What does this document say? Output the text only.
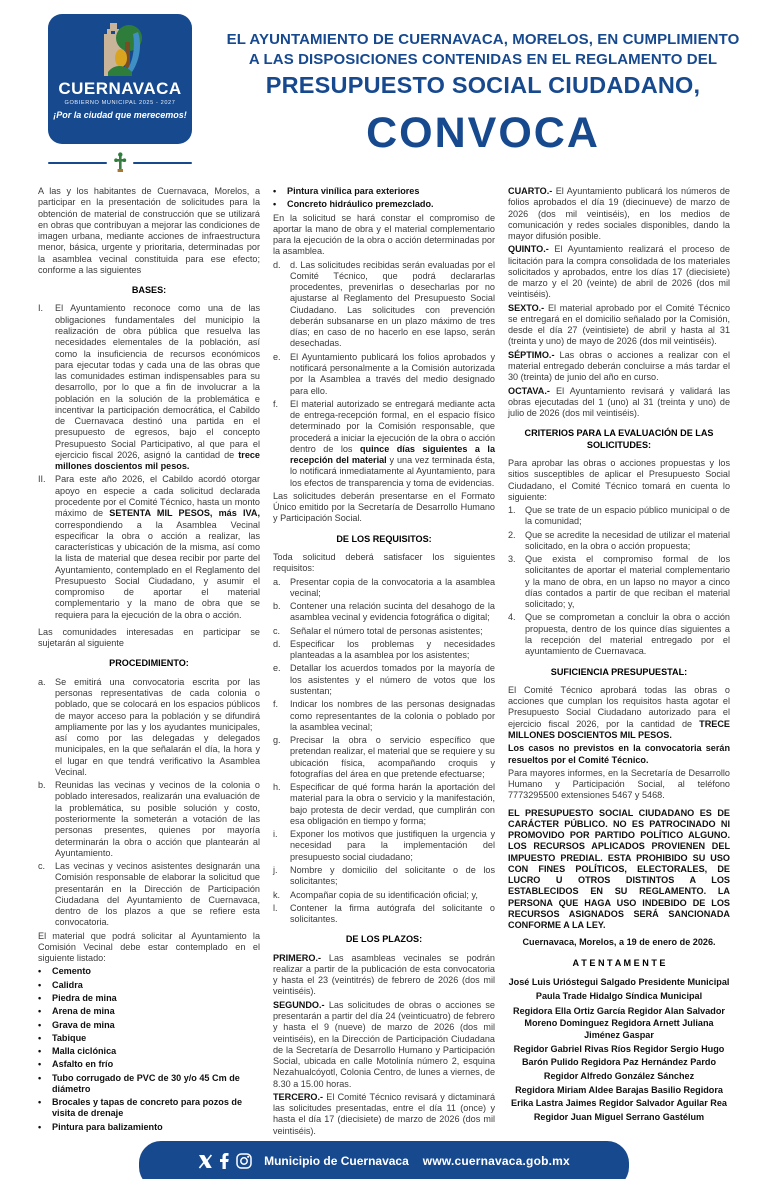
CUERNAVACA
GOBIERNO MUNICIPAL 2025 - 2027
¡Por la ciudad que merecemos!
EL AYUNTAMIENTO DE CUERNAVACA, MORELOS, EN CUMPLIMIENTO
A LAS DISPOSICIONES CONTENIDAS EN EL REGLAMENTO DEL
PRESUPUESTO SOCIAL CIUDADANO,
CONVOCA
A las y los habitantes de Cuernavaca, Morelos, a participar en la presentación de solicitudes para la obtención de material de construcción que se utilizará en obras que contribuyan a mejorar las condiciones de imagen urbana, mediante acciones de infraestructura menor, básica, urgente y prioritaria, determinadas por la asamblea vecinal constituida para ese efecto; conforme a las siguientes
BASES:
I.	El Ayuntamiento reconoce como una de las obligaciones fundamentales del municipio la realización de obra pública que resuelva las necesidades elementales de la población, así como la insuficiencia de recursos económicos para ejecutar todas y cada una de las obras que las comunidades estiman indispensables para su desarrollo, por lo que a fin de involucrar a la población en la solución de la problemática e incentivar la participación democrática, el Cabildo de Cuernavaca destinó una partida en el presupuesto de egresos, bajo el concepto Presupuesto Social Participativo, al que para el ejercicio fiscal 2026, asignó la cantidad de trece millones doscientos mil pesos.
II.	Para este año 2026, el Cabildo acordó otorgar apoyo en especie a cada solicitud declarada procedente por el Comité Técnico, hasta un monto máximo de SETENTA MIL PESOS, más IVA, correspondiendo a la Asamblea Vecinal especificar la obra o acción a realizar, las características y ubicación de la misma, así como la lista de material que desea recibir por parte del Ayuntamiento, contemplado en el Reglamento del Presupuesto Social Ciudadano, y asumir el compromiso de aportar el material complementario y la mano de obra que se requiera para la ejecución de la obra o acción.
Las comunidades interesadas en participar se sujetarán al siguiente
PROCEDIMIENTO:
a.	Se emitirá una convocatoria escrita por las personas representativas de cada colonia o poblado, que se colocará en los espacios públicos de mayor acceso para la población y se difundirá ampliamente por las y los ayudantes municipales, así como por las delegadas y delegados municipales, en la que señalarán el día, la hora y el lugar en que tendrá verificativo la Asamblea Vecinal.
b.	Reunidas las vecinas y vecinos de la colonia o poblado interesados, realizarán una evaluación de la problemática, su posible solución y costo, posteriormente la someterán a votación de las personas presentes, quienes por mayoría determinarán la obra o acción que plantearán al Ayuntamiento.
c.	Las vecinas y vecinos asistentes designarán una Comisión responsable de elaborar la solicitud que presentarán en la Dirección de Participación Ciudadana del Ayuntamiento de Cuernavaca, dentro de los plazos a que se refiere esta convocatoria.
El material que podrá solicitar al Ayuntamiento la Comisión Vecinal debe estar contemplado en el siguiente listado:
•	Cemento
•	Calidra
•	Piedra de mina
•	Arena de mina
•	Grava de mina
•	Tabique
•	Malla ciclónica
•	Asfalto en frío
•	Tubo corrugado de PVC de 30 y/o 45 Cm de diámetro
•	Brocales y tapas de concreto para pozos de visita de drenaje
•	Pintura para balizamiento
•	Pintura vinílica para exteriores
•	Concreto hidráulico premezclado.
En la solicitud se hará constar el compromiso de aportar la mano de obra y el material complementario para la ejecución de la obra o acción determinadas por la asamblea.
d.	d. Las solicitudes recibidas serán evaluadas por el Comité Técnico, que podrá declararlas procedentes, prevenirlas o desecharlas por no ajustarse al Reglamento del Presupuesto Social Ciudadano. Las solicitudes con prevención deberán subsanarse en un plazo máximo de tres días; en caso de no hacerlo en ese lapso, serán desechadas.
e.	El Ayuntamiento publicará los folios aprobados y notificará personalmente a la Comisión autorizada por la Asamblea a través del medio designado para ello.
f.	El material autorizado se entregará mediante acta de entrega-recepción formal, en el espacio físico determinado por la Comisión responsable, que procederá a iniciar la ejecución de la obra o acción dentro de los quince días siguientes a la recepción del material y una vez terminada ésta, lo notificará inmediatamente al Ayuntamiento, para los efectos de transparencia y toma de evidencias.
Las solicitudes deberán presentarse en el Formato Único emitido por la Secretaría de Desarrollo Humano y Participación Social.
DE LOS REQUISITOS:
Toda solicitud deberá satisfacer los siguientes requisitos:
a.	Presentar copia de la convocatoria a la asamblea vecinal;
b.	Contener una relación sucinta del desahogo de la asamblea vecinal y evidencia fotográfica o digital;
c.	Señalar el número total de personas asistentes;
d.	Especificar los problemas y necesidades planteadas a la asamblea por los asistentes;
e.	Detallar los acuerdos tomados por la mayoría de los asistentes y el número de votos que los sustentan;
f.	Indicar los nombres de las personas designadas como representantes de la colonia o poblado por la asamblea vecinal;
g.	Precisar la obra o servicio específico que pretendan realizar, el material que se requiere y su ubicación física, acompañando croquis y fotografías del área en que pretende efectuarse;
h.	Especificar de qué forma harán la aportación del material para la obra o servicio y la manifestación, bajo protesta de decir verdad, que cumplirán con esa obligación en tiempo y forma;
i.	Exponer los motivos que justifiquen la urgencia y necesidad para la implementación del presupuesto social ciudadano;
j.	Nombre y domicilio del solicitante o de los solicitantes;
k.	Acompañar copia de su identificación oficial; y,
l.	Contener la firma autógrafa del solicitante o solicitantes.
DE LOS PLAZOS:
PRIMERO.- Las asambleas vecinales se podrán realizar a partir de la publicación de esta convocatoria y hasta el 23 (veintitrés) de febrero de 2026 (dos mil veintiséis).
SEGUNDO.- Las solicitudes de obras o acciones se presentarán a partir del día 24 (veinticuatro) de febrero y hasta el 9 (nueve) de marzo de 2026 (dos mil veintiséis), en la Dirección de Participación Ciudadana de la Secretaría de Desarrollo Humano y Participación Social, ubicada en calle Motolinía número 2, esquina Nezahualcóyotl, Colonia Centro, de lunes a viernes, de 8.30 a 15.00 horas.
TERCERO.- El Comité Técnico revisará y dictaminará las solicitudes presentadas, entre el día 11 (once) y hasta el día 17 (diecisiete) de marzo de 2026 (dos mil veintiséis).
CUARTO.- El Ayuntamiento publicará los números de folios aprobados el día 19 (diecinueve) de marzo de 2026 (dos mil veintiséis), en los medios de comunicación y redes sociales disponibles, dando la mayor difusión posible.
QUINTO.- El Ayuntamiento realizará el proceso de licitación para la compra consolidada de los materiales solicitados y aprobados, entre los días 17 (diecisiete) de marzo y el 20 (veinte) de abril de 2026 (dos mil veintiséis).
SEXTO.- El material aprobado por el Comité Técnico se entregará en el domicilio señalado por la Comisión, desde el día 27 (veintisiete) de abril y hasta al 31 (treinta y uno) de mayo de 2026 (dos mil veintiséis).
SÉPTIMO.- Las obras o acciones a realizar con el material entregado deberán concluirse a más tardar el 30 (treinta) de junio del año en curso.
OCTAVA.- El Ayuntamiento revisará y validará las obras ejecutadas del 1 (uno) al 31 (treinta y uno) de julio de 2026 (dos mil veintiséis).
CRITERIOS PARA LA EVALUACIÓN DE LAS SOLICITUDES:
Para aprobar las obras o acciones propuestas y los sitios susceptibles de aplicar el Presupuesto Social Ciudadano, el Comité Técnico tomará en cuenta lo siguiente:
1.	Que se trate de un espacio público municipal o de la comunidad;
2.	Que se acredite la necesidad de utilizar el material solicitado, en la obra o acción propuesta;
3.	Que exista el compromiso formal de los solicitantes de aportar el material complementario y la mano de obra, en un lapso no mayor a cinco días contados a partir de que reciban el material solicitado; y,
4.	Que se comprometan a concluir la obra o acción propuesta, dentro de los quince días siguientes a la recepción del material entregado por el ayuntamiento de Cuernavaca.
SUFICIENCIA PRESUPUESTAL:
El Comité Técnico aprobará todas las obras o acciones que cumplan los requisitos hasta agotar el Presupuesto Social Ciudadano autorizado para el ejercicio fiscal 2026, por la cantidad de TRECE MILLONES DOSCIENTOS MIL PESOS.
Los casos no previstos en la convocatoria serán resueltos por el Comité Técnico.
Para mayores informes, en la Secretaría de Desarrollo Humano y Participación Social, al teléfono 7773295500 extensiones 5467 y 5468.
EL PRESUPUESTO SOCIAL CIUDADANO ES DE CARÁCTER PÚBLICO. NO ES PATROCINADO NI PROMOVIDO POR PARTIDO POLÍTICO ALGUNO. LOS RECURSOS APLICADOS PROVIENEN DEL IMPUESTO PREDIAL. ESTA PROHIBIDO SU USO CON FINES POLÍTICOS, ELECTORALES, DE LUCRO U OTROS DISTINTOS A LOS ESTABLECIDOS EN SU REGLAMENTO. LA PERSONA QUE HAGA USO INDEBIDO DE LOS RECURSOS ASIGNADOS SERÁ SANCIONADA CONFORME A LA LEY.
Cuernavaca, Morelos, a 19 de enero de 2026.
A T E N T A M E N T E
José Luis Urióstegui Salgado Presidente Municipal
Paula Trade Hidalgo Síndica Municipal
Regidora Ella Ortiz García Regidor Alan Salvador Moreno Dominguez Regidora Arnett Juliana Jiménez Gaspar
Regidor Gabriel Rivas Ríos Regidor Sergio Hugo Barón Pulido Regidora Paz Hernández Pardo
Regidor Alfredo González Sánchez
Regidora Miriam Aldee Barajas Basilio Regidora Erika Lastra Jaimes Regidor Salvador Aguilar Rea
Regidor Juan Miguel Serrano Gastélum
Municipio de Cuernavaca www.cuernavaca.gob.mx
